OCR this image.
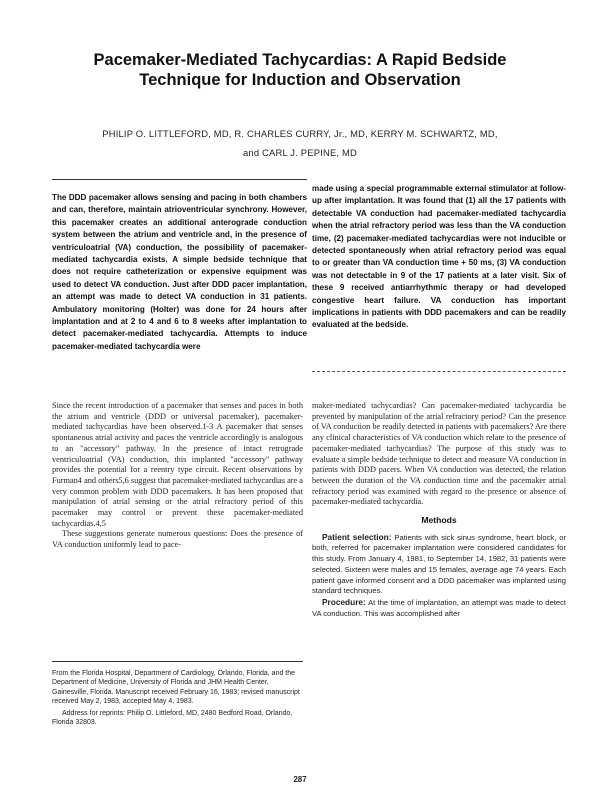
Pacemaker-Mediated Tachycardias: A Rapid Bedside
Technique for Induction and Observation
PHILIP O. LITTLEFORD, MD, R. CHARLES CURRY, Jr., MD, KERRY M. SCHWARTZ, MD,
and CARL J. PEPINE, MD
The DDD pacemaker allows sensing and pacing in both chambers and can, therefore, maintain atrioventricular synchrony. However, this pacemaker creates an additional anterograde conduction system between the atrium and ventricle and, in the presence of ventriculoatrial (VA) conduction, the possibility of pacemaker-mediated tachycardia exists. A simple bedside technique that does not require catheterization or expensive equipment was used to detect VA conduction. Just after DDD pacer implantation, an attempt was made to detect VA conduction in 31 patients. Ambulatory monitoring (Holter) was done for 24 hours after implantation and at 2 to 4 and 6 to 8 weeks after implantation to detect pacemaker-mediated tachycardia. Attempts to induce pacemaker-mediated tachycardia were
made using a special programmable external stimulator at follow-up after implantation. It was found that (1) all the 17 patients with detectable VA conduction had pacemaker-mediated tachycardia when the atrial refractory period was less than the VA conduction time, (2) pacemaker-mediated tachycardias were not inducible or detected spontaneously when atrial refractory period was equal to or greater than VA conduction time + 50 ms, (3) VA conduction was not detectable in 9 of the 17 patients at a later visit. Six of these 9 received antiarrhythmic therapy or had developed congestive heart failure. VA conduction has important implications in patients with DDD pacemakers and can be readily evaluated at the bedside.

Since the recent introduction of a pacemaker that senses and paces in both the atrium and ventricle (DDD or universal pacemaker), pacemaker-mediated tachycardias have been observed.1-3 A pacemaker that senses spontaneous atrial activity and paces the ventricle accordingly is analogous to an "accessory" pathway. In the presence of intact retrograde ventriculoatrial (VA) conduction, this implanted "accessory" pathway provides the potential for a reentry type circuit. Recent observations by Furman4 and others5,6 suggest that pacemaker-mediated tachycardias are a very common problem with DDD pacemakers. It has been proposed that manipulation of atrial sensing or the atrial refractory period of this pacemaker may control or prevent these pacemaker-mediated tachycardias.4,5

These suggestions generate numerous questions: Does the presence of VA conduction uniformly lead to pace-

From the Florida Hospital, Department of Cardiology, Orlando, Florida, and the Department of Medicine, University of Florida and JHM Health Center, Gainesville, Florida. Manuscript received February 16, 1983; revised manuscript received May 2, 1983, accepted May 4, 1983.

Address for reprints: Philip O. Littleford, MD, 2480 Bedford Road, Orlando, Florida 32803.

maker-mediated tachycardias? Can pacemaker-mediated tachycardia be prevented by manipulation of the atrial refractory period? Can the presence of VA conduction be readily detected in patients with pacemakers? Are there any clinical characteristics of VA conduction which relate to the presence of pacemaker-mediated tachycardias? The purpose of this study was to evaluate a simple bedside technique to detect and measure VA conduction in patients with DDD pacers. When VA conduction was detected, the relation between the duration of the VA conduction time and the pacemaker atrial refractory period was examined with regard to the presence or absence of pacemaker-mediated tachycardia.

Methods

Patient selection: Patients with sick sinus syndrome, heart block, or both, referred for pacemaker implantation were considered candidates for this study. From January 4, 1981, to September 14, 1982, 31 patients were selected. Sixteen were males and 15 females, average age 74 years. Each patient gave informed consent and a DDD pacemaker was implanted using standard techniques.

Procedure: At the time of implantation, an attempt was made to detect VA conduction. This was accomplished after

287
